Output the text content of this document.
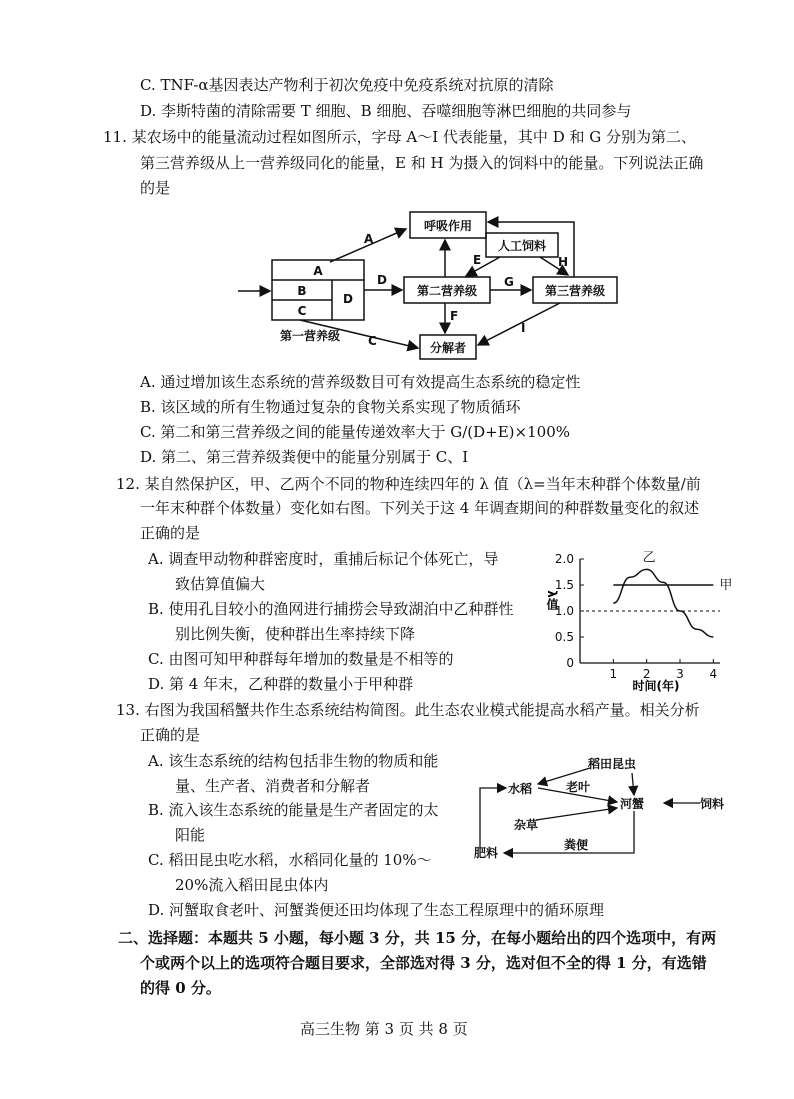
C. TNF-α基因表达产物利于初次免疫中免疫系统对抗原的清除
D. 李斯特菌的清除需要 T 细胞、B 细胞、吞噬细胞等淋巴细胞的共同参与
11. 某农场中的能量流动过程如图所示，字母 A～I 代表能量，其中 D 和 G 分别为第二、
第三营养级从上一营养级同化的能量，E 和 H 为摄入的饲料中的能量。下列说法正确
的是
呼吸作用
人工饲料
A
B
C
D
第一营养级
第二营养级	第三营养级
分解者
A
D
E
G
H
F
C
I
A. 通过增加该生态系统的营养级数目可有效提高生态系统的稳定性
B. 该区域的所有生物通过复杂的食物关系实现了物质循环
C. 第二和第三营养级之间的能量传递效率大于 G/(D+E)×100%
D. 第二、第三营养级粪便中的能量分别属于 C、I
12. 某自然保护区，甲、乙两个不同的物种连续四年的 λ 值（λ=当年末种群个体数量/前
一年末种群个体数量）变化如右图。下列关于这 4 年调查期间的种群数量变化的叙述
正确的是
A. 调查甲动物种群密度时，重捕后标记个体死亡，导
致估算值偏大
B. 使用孔目较小的渔网进行捕捞会导致湖泊中乙种群性
别比例失衡，使种群出生率持续下降
C. 由图可知甲种群每年增加的数量是不相等的
D. 第 4 年末，乙种群的数量小于甲种群
0
0.5
1.0
1.5
2.0
1 2 3 4
甲
乙
λ值
时间(年)
13. 右图为我国稻蟹共作生态系统结构简图。此生态农业模式能提高水稻产量。相关分析
正确的是
A. 该生态系统的结构包括非生物的物质和能
量、生产者、消费者和分解者
B. 流入该生态系统的能量是生产者固定的太
阳能
C. 稻田昆虫吃水稻，水稻同化量的 10%～
20%流入稻田昆虫体内
D. 河蟹取食老叶、河蟹粪便还田均体现了生态工程原理中的循环原理
稻田昆虫
水稻	老叶
河蟹	饲料
杂草
肥料
粪便
二、选择题：本题共 5 小题，每小题 3 分，共 15 分，在每小题给出的四个选项中，有两
个或两个以上的选项符合题目要求，全部选对得 3 分，选对但不全的得 1 分，有选错
的得 0 分。
高三生物 第 3 页 共 8 页
